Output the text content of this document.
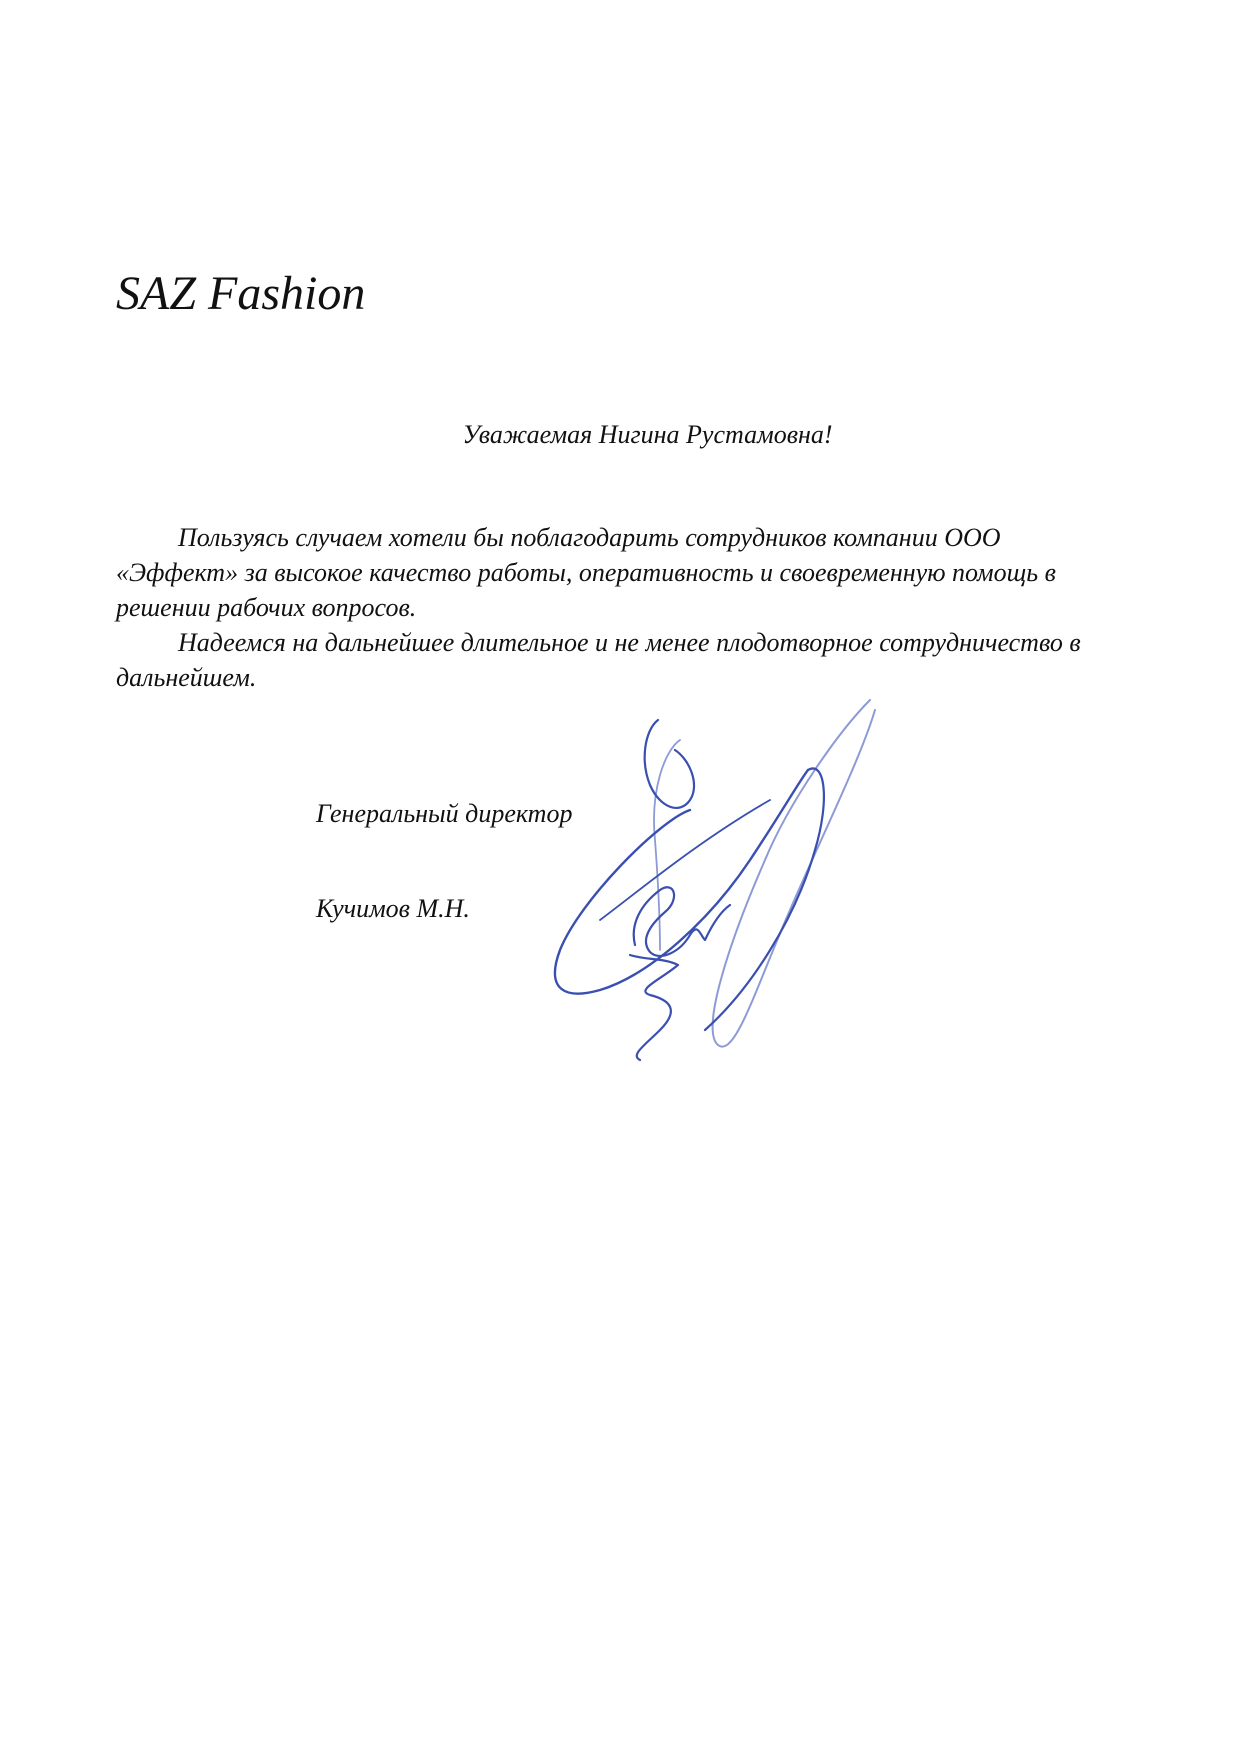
SAZ Fashion
Уважаемая Нигина Рустамовна!

Пользуясь случаем хотели бы поблагодарить сотрудников компании ООО «Эффект» за высокое качество работы, оперативность и своевременную помощь в решении рабочих вопросов.

Надеемся на дальнейшее длительное и не менее плодотворное сотрудничество в дальнейшем.

Генеральный директор
Кучимов М.Н.
